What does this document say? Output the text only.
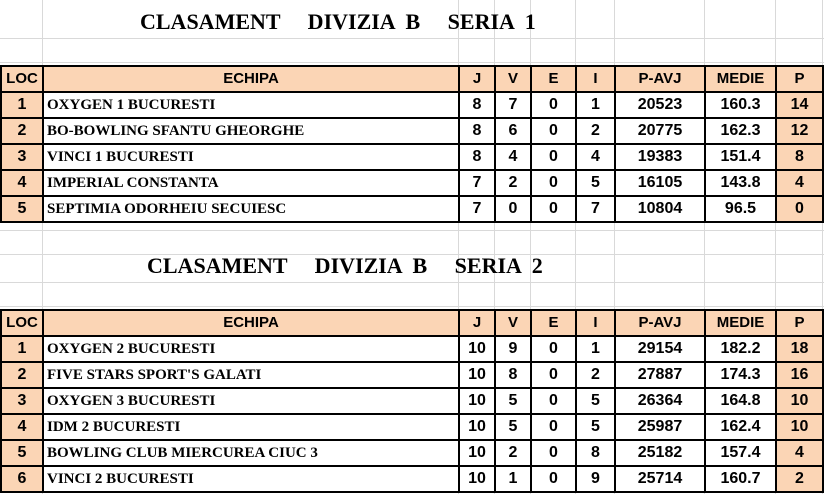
CLASAMENT     DIVIZIA  B     SERIA  1
LOC	ECHIPA	J	V	E	I	P-AVJ	MEDIE	P
1	OXYGEN 1 BUCURESTI	8	7	0	1	20523	160.3	14
2	BO-BOWLING SFANTU GHEORGHE	8	6	0	2	20775	162.3	12
3	VINCI 1 BUCURESTI	8	4	0	4	19383	151.4	8
4	IMPERIAL CONSTANTA	7	2	0	5	16105	143.8	4
5	SEPTIMIA ODORHEIU SECUIESC	7	0	0	7	10804	96.5	0
CLASAMENT     DIVIZIA  B     SERIA  2
LOC	ECHIPA	J	V	E	I	P-AVJ	MEDIE	P
1	OXYGEN 2 BUCURESTI	10	9	0	1	29154	182.2	18
2	FIVE STARS SPORT'S GALATI	10	8	0	2	27887	174.3	16
3	OXYGEN 3 BUCURESTI	10	5	0	5	26364	164.8	10
4	IDM 2 BUCURESTI	10	5	0	5	25987	162.4	10
5	BOWLING CLUB MIERCUREA CIUC 3	10	2	0	8	25182	157.4	4
6	VINCI 2 BUCURESTI	10	1	0	9	25714	160.7	2
